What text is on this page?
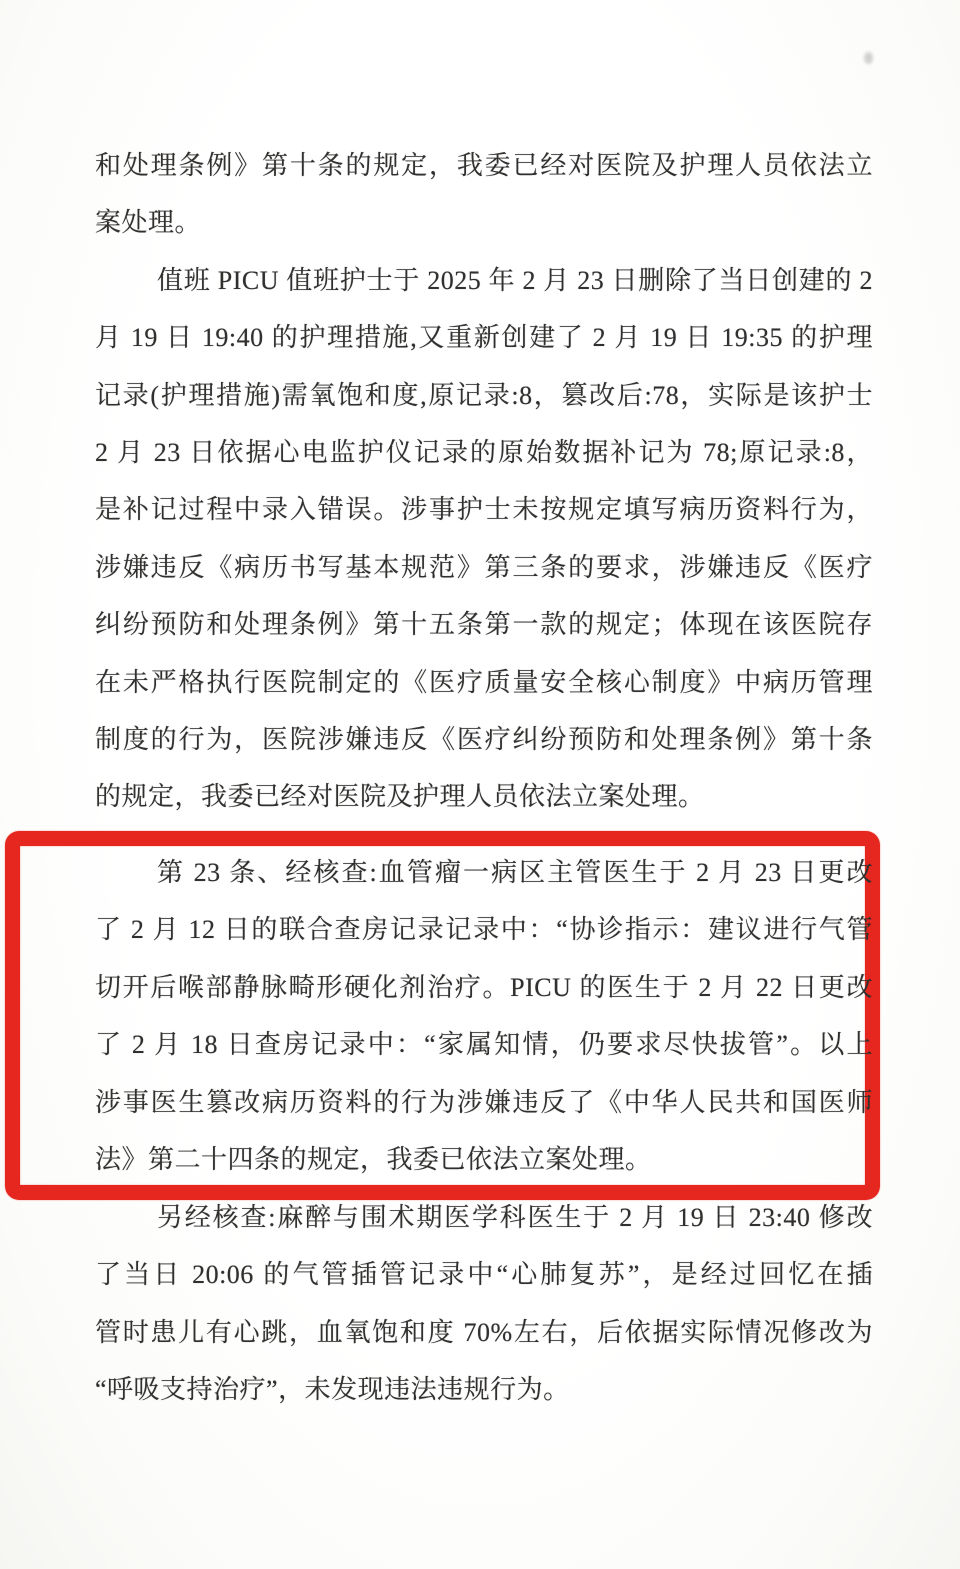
和处理条例》第十条的规定，我委已经对医院及护理人员依法立
案处理。
值班 PICU 值班护士于 2025 年 2 月 23 日删除了当日创建的 2
月 19 日 19:40 的护理措施,又重新创建了 2 月 19 日 19:35 的护理
记录(护理措施)需氧饱和度,原记录:8，篡改后:78，实际是该护士
2 月 23 日依据心电监护仪记录的原始数据补记为 78;原记录:8，
是补记过程中录入错误。涉事护士未按规定填写病历资料行为，
涉嫌违反《病历书写基本规范》第三条的要求，涉嫌违反《医疗
纠纷预防和处理条例》第十五条第一款的规定；体现在该医院存
在未严格执行医院制定的《医疗质量安全核心制度》中病历管理
制度的行为，医院涉嫌违反《医疗纠纷预防和处理条例》第十条
的规定，我委已经对医院及护理人员依法立案处理。
第 23 条、经核查:血管瘤一病区主管医生于 2 月 23 日更改
了 2 月 12 日的联合查房记录记录中：“协诊指示：建议进行气管
切开后喉部静脉畸形硬化剂治疗。PICU 的医生于 2 月 22 日更改
了 2 月 18 日查房记录中：“家属知情，仍要求尽快拔管”。以上
涉事医生篡改病历资料的行为涉嫌违反了《中华人民共和国医师
法》第二十四条的规定，我委已依法立案处理。
另经核查:麻醉与围术期医学科医生于 2 月 19 日 23:40 修改
了当日 20:06 的气管插管记录中“心肺复苏”，是经过回忆在插
管时患儿有心跳，血氧饱和度 70%左右，后依据实际情况修改为
“呼吸支持治疗”，未发现违法违规行为。
